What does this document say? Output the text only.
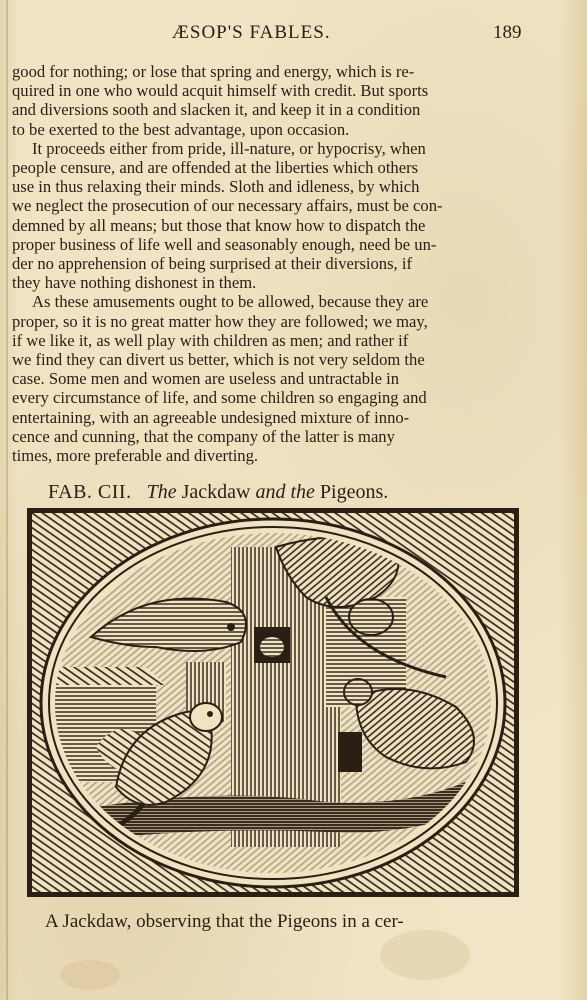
ÆSOP'S FABLES.	189

good for nothing; or lose that spring and energy, which is re-
quired in one who would acquit himself with credit. But sports
and diversions sooth and slacken it, and keep it in a condition
to be exerted to the best advantage, upon occasion.

It proceeds either from pride, ill-nature, or hypocrisy, when
people censure, and are offended at the liberties which others
use in thus relaxing their minds. Sloth and idleness, by which
we neglect the prosecution of our necessary affairs, must be con-
demned by all means; but those that know how to dispatch the
proper business of life well and seasonably enough, need be un-
der no apprehension of being surprised at their diversions, if
they have nothing dishonest in them.

As these amusements ought to be allowed, because they are
proper, so it is no great matter how they are followed; we may,
if we like it, as well play with children as men; and rather if
we find they can divert us better, which is not very seldom the
case. Some men and women are useless and untractable in
every circumstance of life, and some children so engaging and
entertaining, with an agreeable undesigned mixture of inno-
cence and cunning, that the company of the latter is many
times, more preferable and diverting.

FAB. CII. The Jackdaw and the Pigeons.
A Jackdaw, observing that the Pigeons in a cer-
